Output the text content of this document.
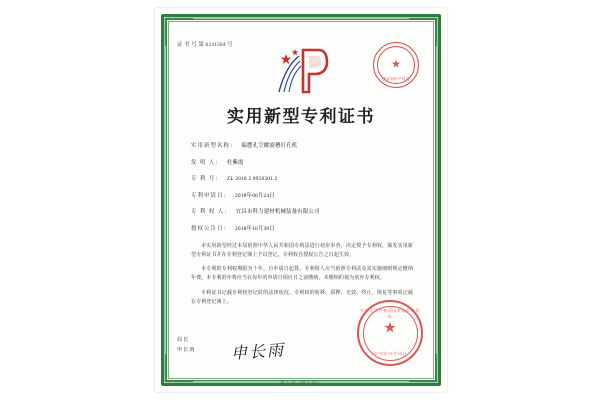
证 书 号 第 6241584 号
★
国家知识产权局
实用新型专利证书
实用新型名称： 偏摆孔空螺旋槽打孔机
发 明 人： 杜紫霞
专 利 号： ZL 2018 2 0950301.2
专利申请日： 2018年06月24日
专 利 权 人： 宜昌市科力建材机械装备有限公司
授权公告日： 2018年10月30日

本实用新型经过本局依照中华人民共和国专利法进行初步审查，决定授予专利权，颁发实用新型专利证书并在专利登记簿上予以登记。专利权自授权公告之日起生效。

本专利的专利权期限为十年，自申请日起算。专利权人应当依照专利法及其实施细则规定缴纳年费。本专利的年费应当在每年的申请日相应日之前缴纳，未缴纳的视为放弃专利权。

专利证书记载专利权登记时的法律状况。专利权的转移、质押、无效、终止、恢复等事项记载在专利登记簿上。

局长
申长雨 申长雨
中华人民共和国国家知识产权局
★
2018年10月30日
第 1 页（共 1 页）
